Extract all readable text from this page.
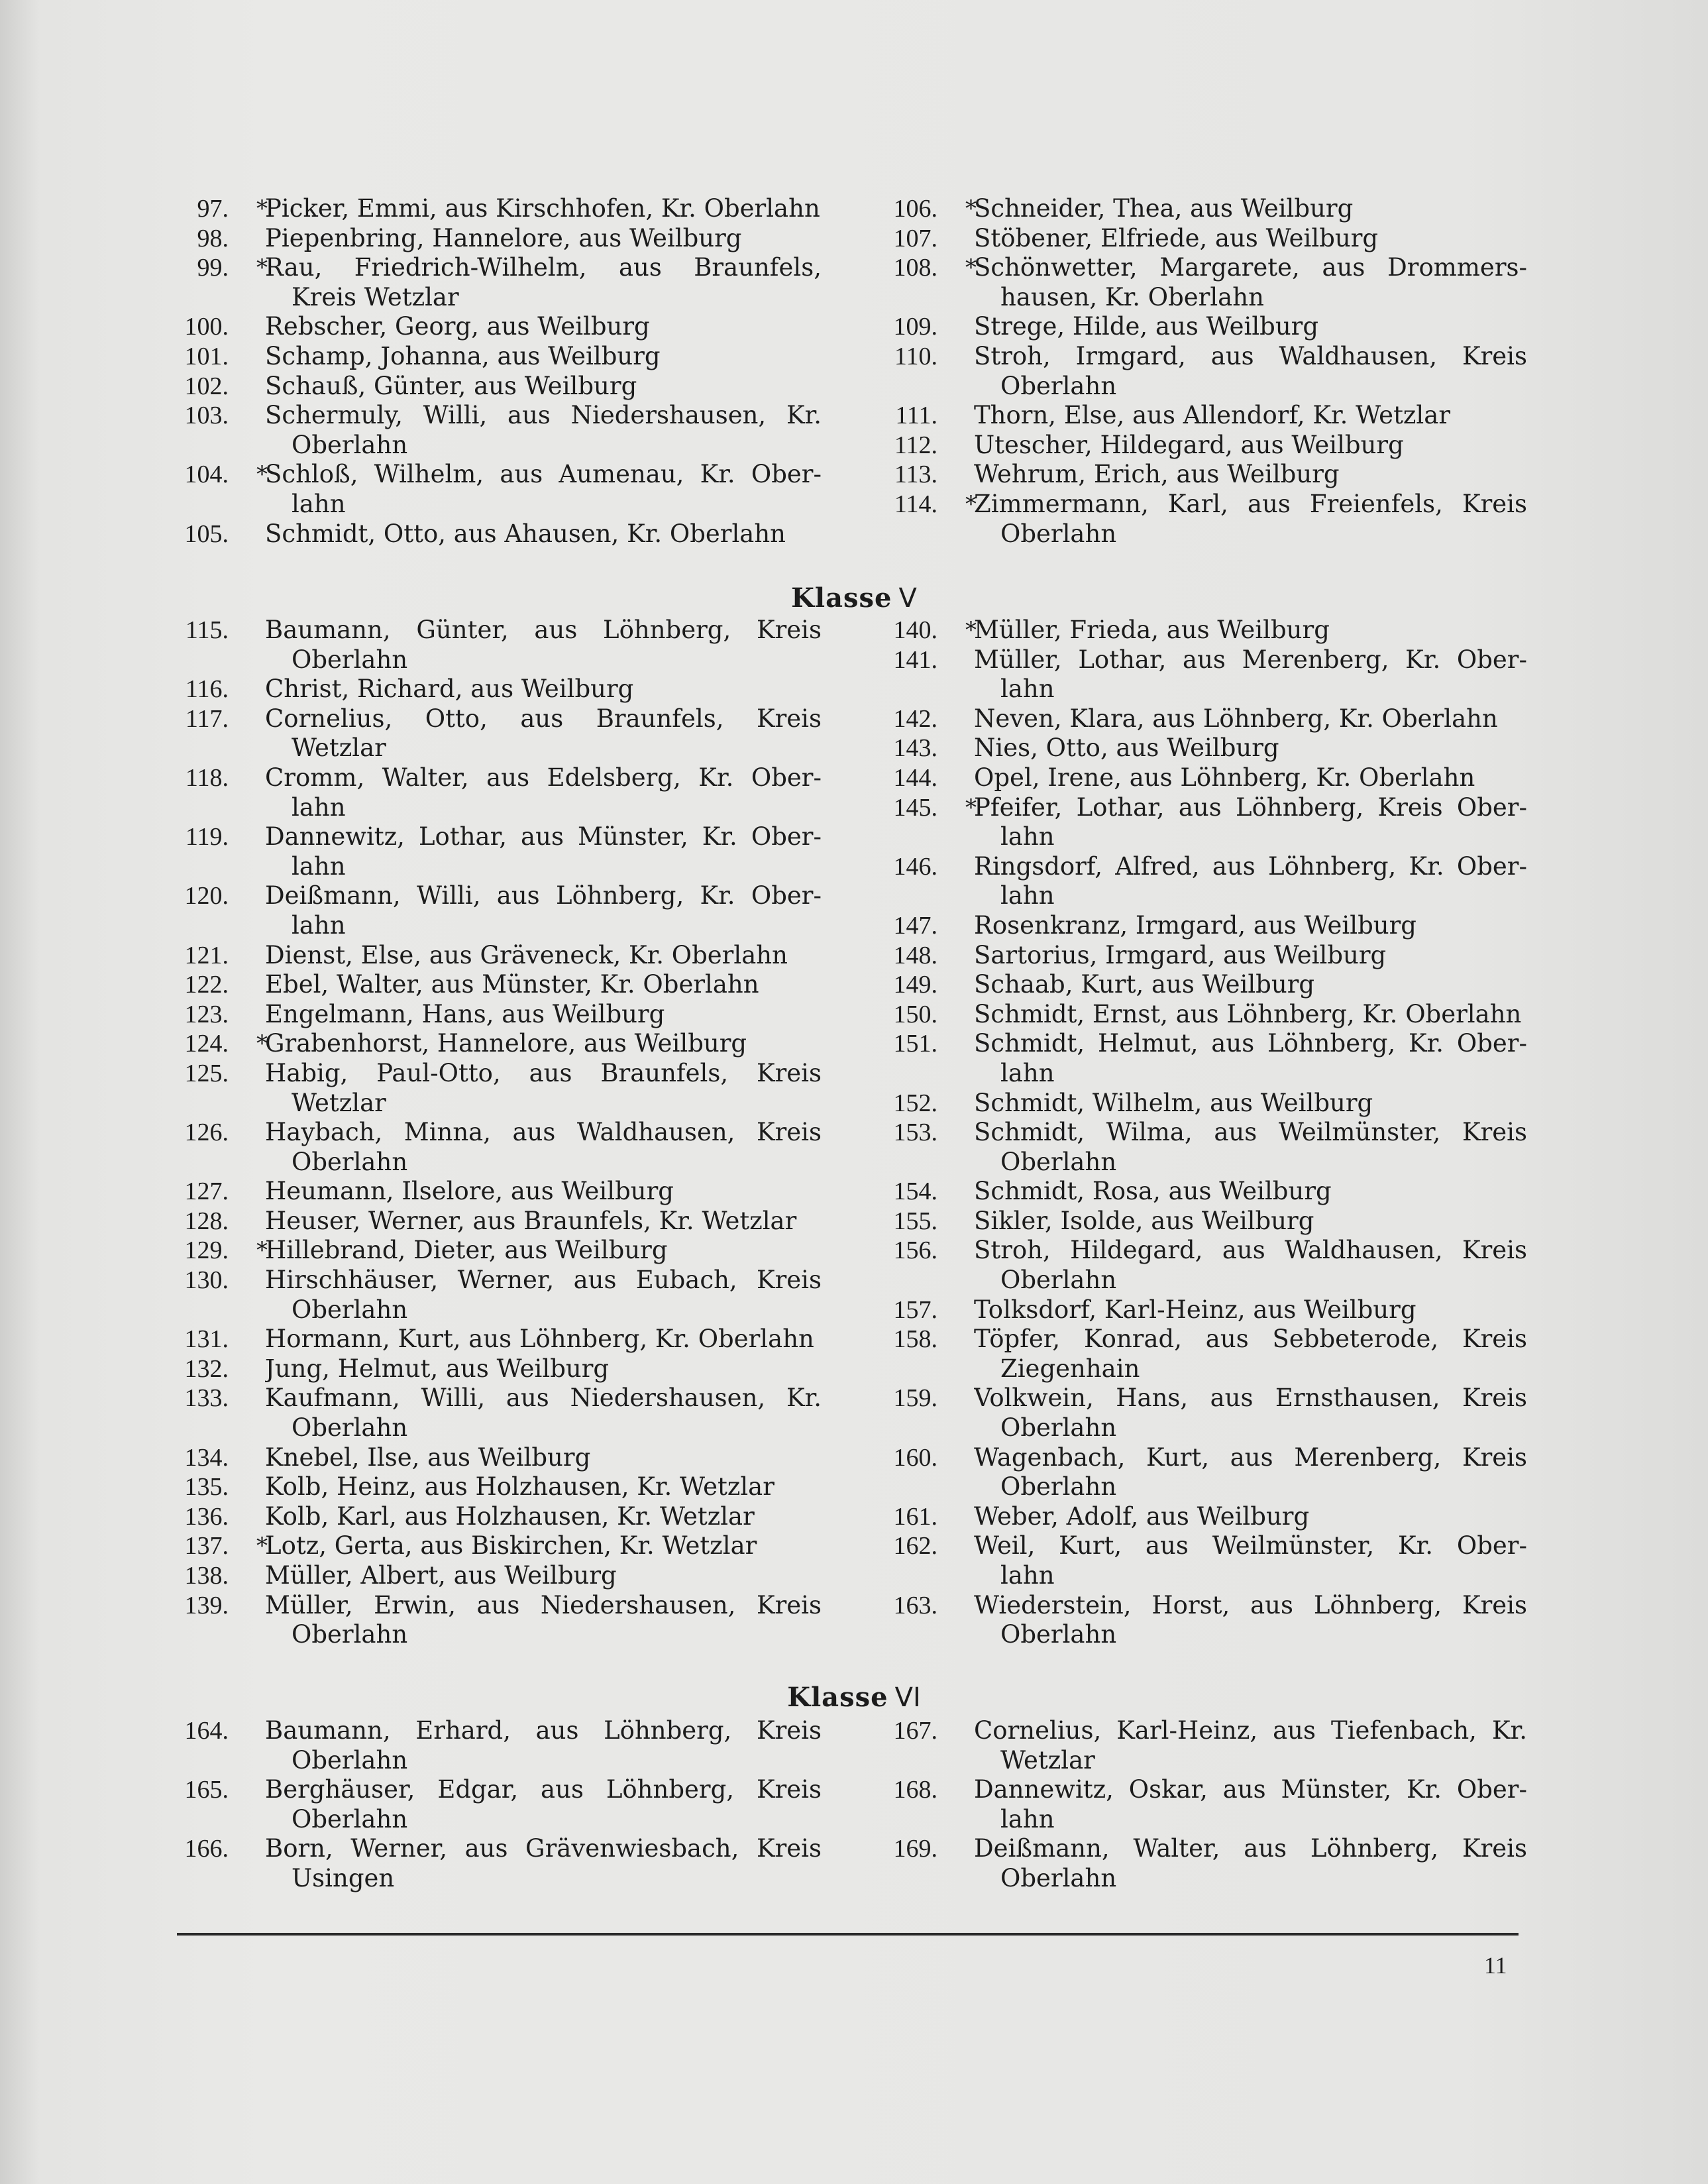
97. *
Picker, Emmi, aus Kirschhofen, Kr. Oberlahn
98. Piepenbring, Hannelore, aus Weilburg
99. *
Rau, Friedrich-Wilhelm, aus Braunfels,
Kreis Wetzlar
100. Rebscher, Georg, aus Weilburg
101. Schamp, Johanna, aus Weilburg
102. Schauß, Günter, aus Weilburg
103. Schermuly, Willi, aus Niedershausen, Kr.
Oberlahn
104. *
Schloß, Wilhelm, aus Aumenau, Kr. Ober-
lahn
105. Schmidt, Otto, aus Ahausen, Kr. Oberlahn
106. *
Schneider, Thea, aus Weilburg
107. Stöbener, Elfriede, aus Weilburg
108. *
Schönwetter, Margarete, aus Drommers-
hausen, Kr. Oberlahn
109. Strege, Hilde, aus Weilburg
110. Stroh, Irmgard, aus Waldhausen, Kreis
Oberlahn
111. Thorn, Else, aus Allendorf, Kr. Wetzlar
112. Utescher, Hildegard, aus Weilburg
113. Wehrum, Erich, aus Weilburg
114. *
Zimmermann, Karl, aus Freienfels, Kreis
Oberlahn
Klasse V
115. Baumann, Günter, aus Löhnberg, Kreis
Oberlahn
116. Christ, Richard, aus Weilburg
117. Cornelius, Otto, aus Braunfels, Kreis
Wetzlar
118. Cromm, Walter, aus Edelsberg, Kr. Ober-
lahn
119. Dannewitz, Lothar, aus Münster, Kr. Ober-
lahn
120. Deißmann, Willi, aus Löhnberg, Kr. Ober-
lahn
121. Dienst, Else, aus Gräveneck, Kr. Oberlahn
122. Ebel, Walter, aus Münster, Kr. Oberlahn
123. Engelmann, Hans, aus Weilburg
124. *
Grabenhorst, Hannelore, aus Weilburg
125. Habig, Paul-Otto, aus Braunfels, Kreis
Wetzlar
126. Haybach, Minna, aus Waldhausen, Kreis
Oberlahn
127. Heumann, Ilselore, aus Weilburg
128. Heuser, Werner, aus Braunfels, Kr. Wetzlar
129. *
Hillebrand, Dieter, aus Weilburg
130. Hirschhäuser, Werner, aus Eubach, Kreis
Oberlahn
131. Hormann, Kurt, aus Löhnberg, Kr. Oberlahn
132. Jung, Helmut, aus Weilburg
133. Kaufmann, Willi, aus Niedershausen, Kr.
Oberlahn
134. Knebel, Ilse, aus Weilburg
135. Kolb, Heinz, aus Holzhausen, Kr. Wetzlar
136. Kolb, Karl, aus Holzhausen, Kr. Wetzlar
137. *
Lotz, Gerta, aus Biskirchen, Kr. Wetzlar
138. Müller, Albert, aus Weilburg
139. Müller, Erwin, aus Niedershausen, Kreis
Oberlahn
140. *
Müller, Frieda, aus Weilburg
141. Müller, Lothar, aus Merenberg, Kr. Ober-
lahn
142. Neven, Klara, aus Löhnberg, Kr. Oberlahn
143. Nies, Otto, aus Weilburg
144. Opel, Irene, aus Löhnberg, Kr. Oberlahn
145. *
Pfeifer, Lothar, aus Löhnberg, Kreis Ober-
lahn
146. Ringsdorf, Alfred, aus Löhnberg, Kr. Ober-
lahn
147. Rosenkranz, Irmgard, aus Weilburg
148. Sartorius, Irmgard, aus Weilburg
149. Schaab, Kurt, aus Weilburg
150. Schmidt, Ernst, aus Löhnberg, Kr. Oberlahn
151. Schmidt, Helmut, aus Löhnberg, Kr. Ober-
lahn
152. Schmidt, Wilhelm, aus Weilburg
153. Schmidt, Wilma, aus Weilmünster, Kreis
Oberlahn
154. Schmidt, Rosa, aus Weilburg
155. Sikler, Isolde, aus Weilburg
156. Stroh, Hildegard, aus Waldhausen, Kreis
Oberlahn
157. Tolksdorf, Karl-Heinz, aus Weilburg
158. Töpfer, Konrad, aus Sebbeterode, Kreis
Ziegenhain
159. Volkwein, Hans, aus Ernsthausen, Kreis
Oberlahn
160. Wagenbach, Kurt, aus Merenberg, Kreis
Oberlahn
161. Weber, Adolf, aus Weilburg
162. Weil, Kurt, aus Weilmünster, Kr. Ober-
lahn
163. Wiederstein, Horst, aus Löhnberg, Kreis
Oberlahn
Klasse VI
164. Baumann, Erhard, aus Löhnberg, Kreis
Oberlahn
165. Berghäuser, Edgar, aus Löhnberg, Kreis
Oberlahn
166. Born, Werner, aus Grävenwiesbach, Kreis
Usingen
167. Cornelius, Karl-Heinz, aus Tiefenbach, Kr.
Wetzlar
168. Dannewitz, Oskar, aus Münster, Kr. Ober-
lahn
169. Deißmann, Walter, aus Löhnberg, Kreis
Oberlahn
11
